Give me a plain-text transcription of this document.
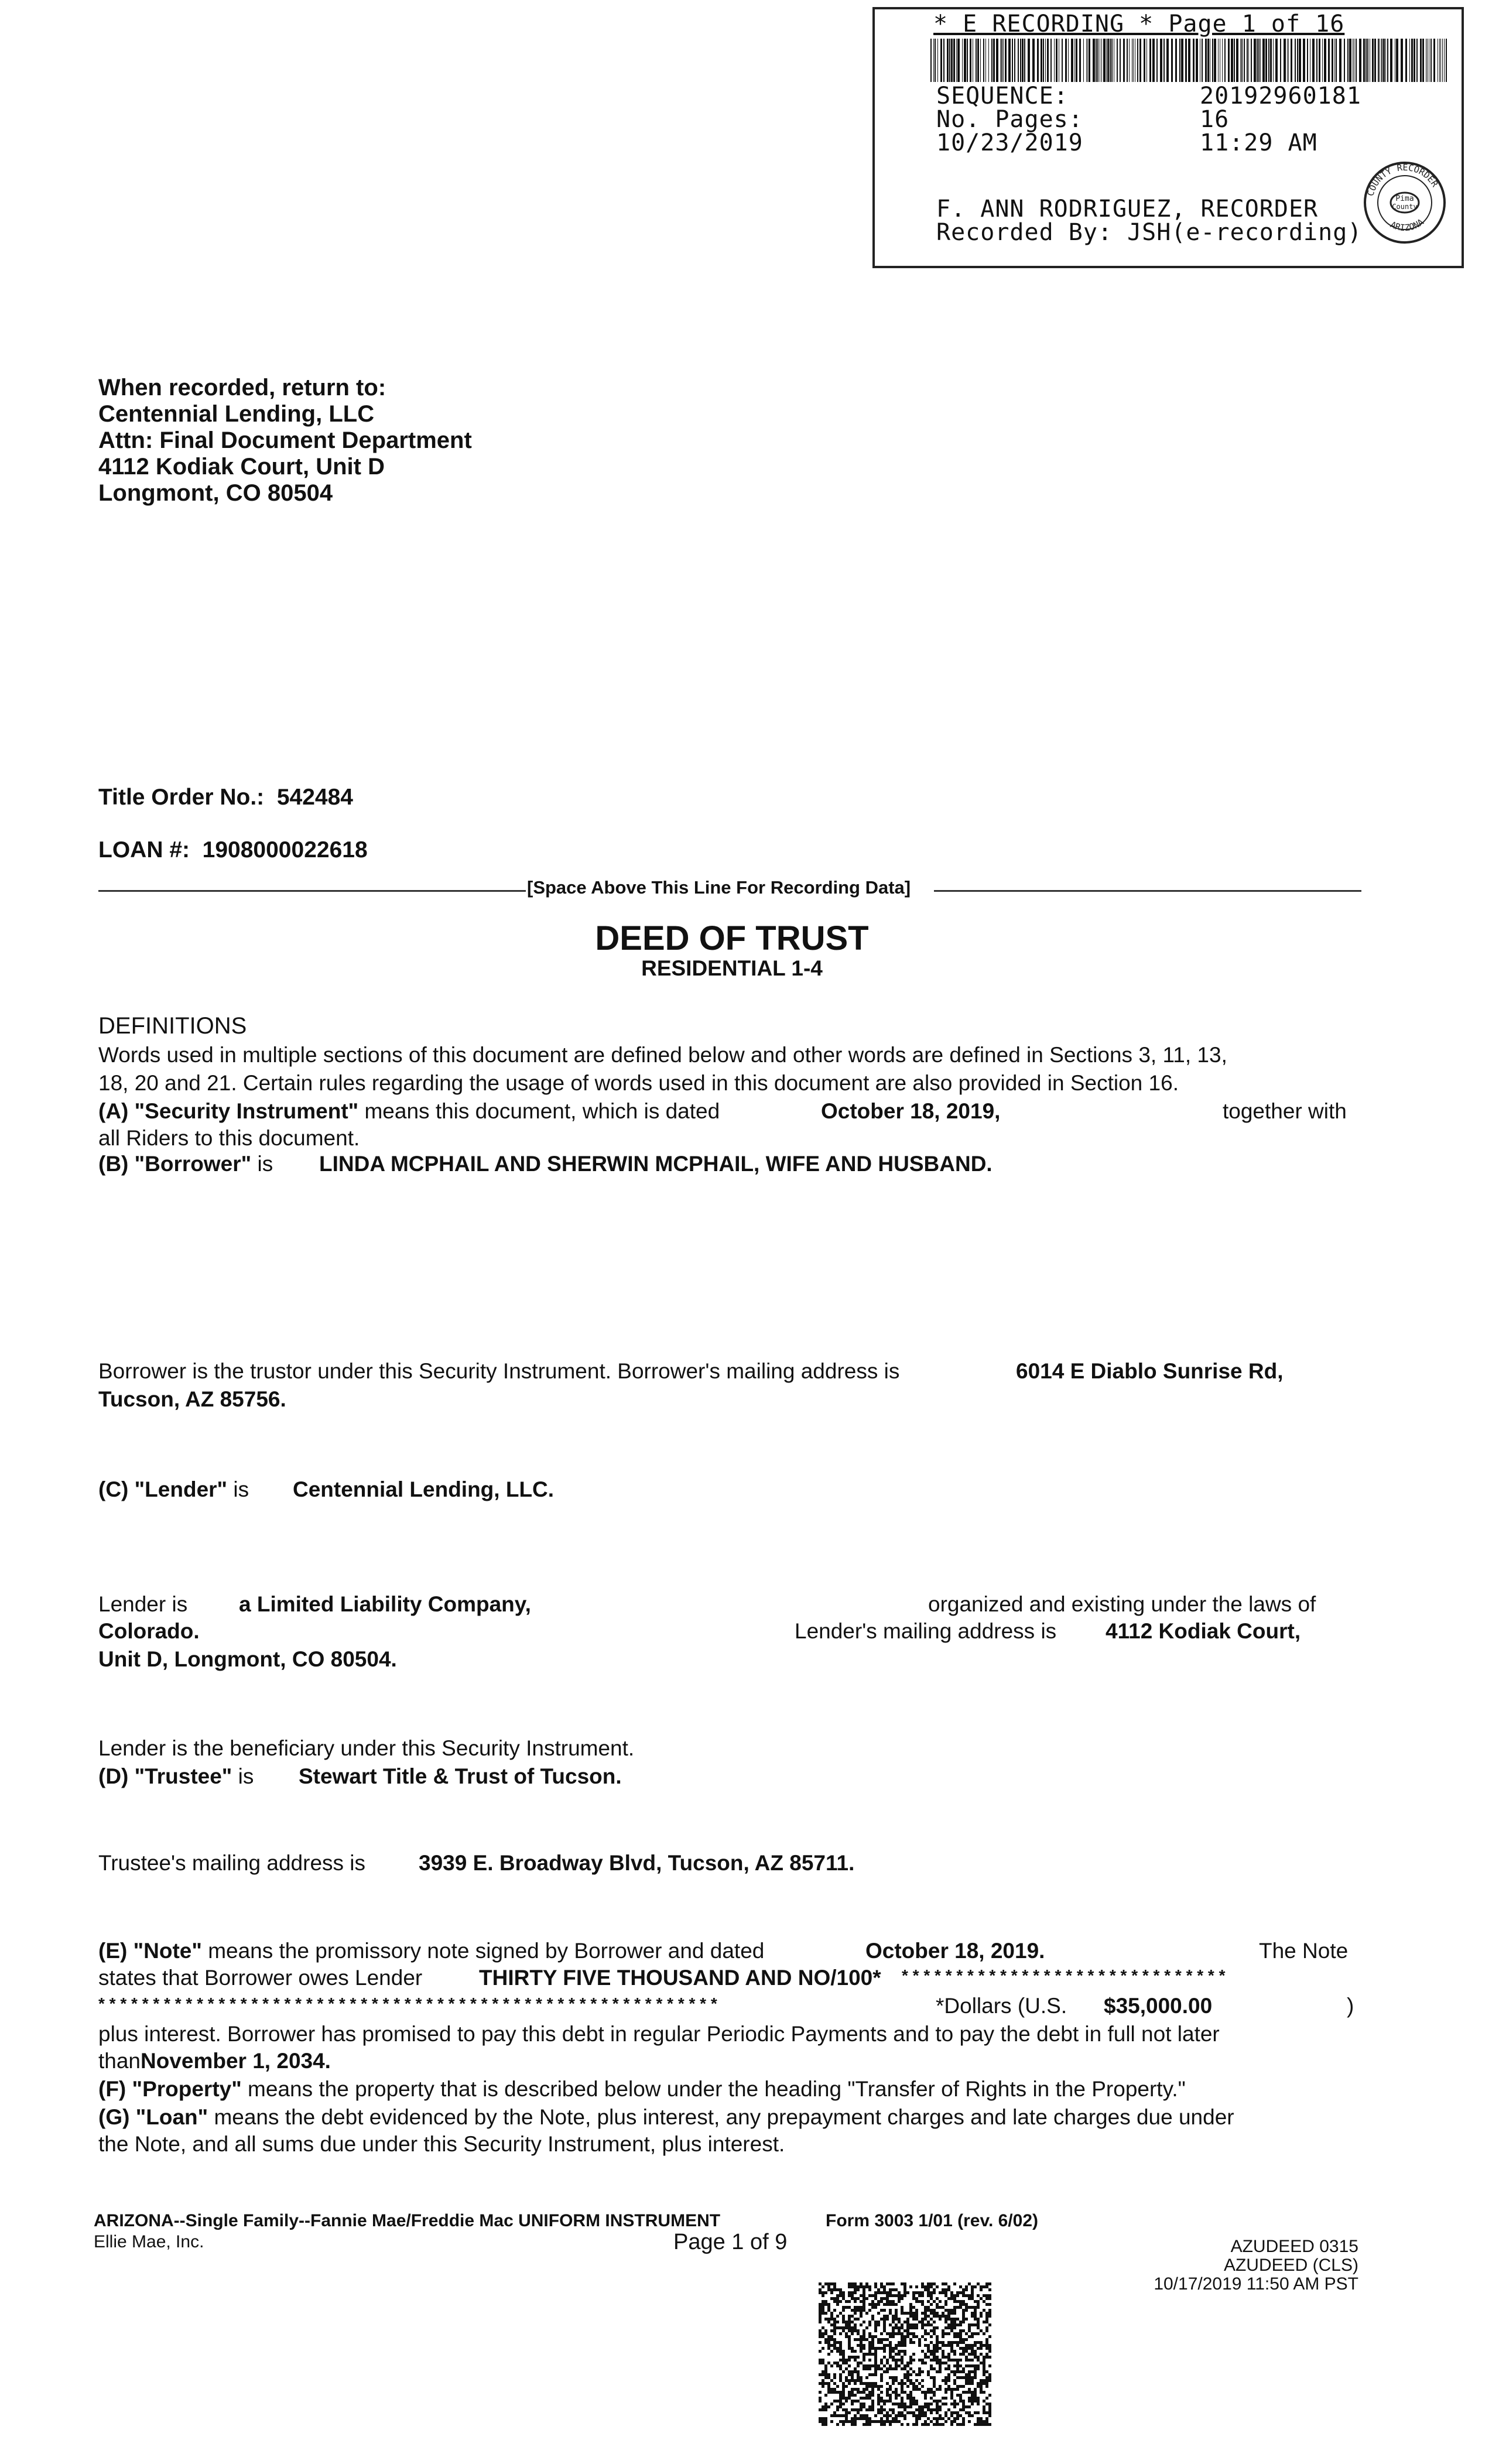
* E RECORDING * Page 1 of 16
SEQUENCE:	20192960181
No. Pages:	16
10/23/2019	11:29 AM
F. ANN RODRIGUEZ, RECORDER
Recorded By: JSH(e-recording)
Pima
County
COUNTY RECORDER
ARIZONA
When recorded, return to:
Centennial Lending, LLC
Attn: Final Document Department
4112 Kodiak Court, Unit D
Longmont, CO 80504
Title Order No.: 542484
LOAN #: 1908000022618
[Space Above This Line For Recording Data]
DEED OF TRUST
RESIDENTIAL 1-4
DEFINITIONS
Words used in multiple sections of this document are defined below and other words are defined in Sections 3, 11, 13,
18, 20 and 21. Certain rules regarding the usage of words used in this document are also provided in Section 16.
(A) "Security Instrument" means this document, which is dated	October 18, 2019,	together with
all Riders to this document.
(B) "Borrower" is LINDA MCPHAIL AND SHERWIN MCPHAIL, WIFE AND HUSBAND.
Borrower is the trustor under this Security Instrument. Borrower's mailing address is	6014 E Diablo Sunrise Rd,
Tucson, AZ 85756.
(C) "Lender" is Centennial Lending, LLC.
Lender is a Limited Liability Company,	organized and existing under the laws of
Colorado.	Lender's mailing address is 4112 Kodiak Court,
Unit D, Longmont, CO 80504.
Lender is the beneficiary under this Security Instrument.
(D) "Trustee" is Stewart Title & Trust of Tucson.
Trustee's mailing address is 3939 E. Broadway Blvd, Tucson, AZ 85711.
(E) "Note" means the promissory note signed by Borrower and dated	October 18, 2019.	The Note
states that Borrower owes Lender	THIRTY FIVE THOUSAND AND NO/100* * * * * * * * * * * * * * * * * * * * * * * * * * * * * * *
* * * * * * * * * * * * * * * * * * * * * * * * * * * * * * * * * * * * * * * * * * * * * * * * * * * * * * * * *	*Dollars (U.S. $35,000.00	)
plus interest. Borrower has promised to pay this debt in regular Periodic Payments and to pay the debt in full not later
than November 1, 2034.
(F) "Property" means the property that is described below under the heading "Transfer of Rights in the Property."
(G) "Loan" means the debt evidenced by the Note, plus interest, any prepayment charges and late charges due under
the Note, and all sums due under this Security Instrument, plus interest.
ARIZONA--Single Family--Fannie Mae/Freddie Mac UNIFORM INSTRUMENT	Form 3003 1/01 (rev. 6/02)
Ellie Mae, Inc.	Page 1 of 9	AZUDEED 0315
AZUDEED (CLS)
10/17/2019 11:50 AM PST
